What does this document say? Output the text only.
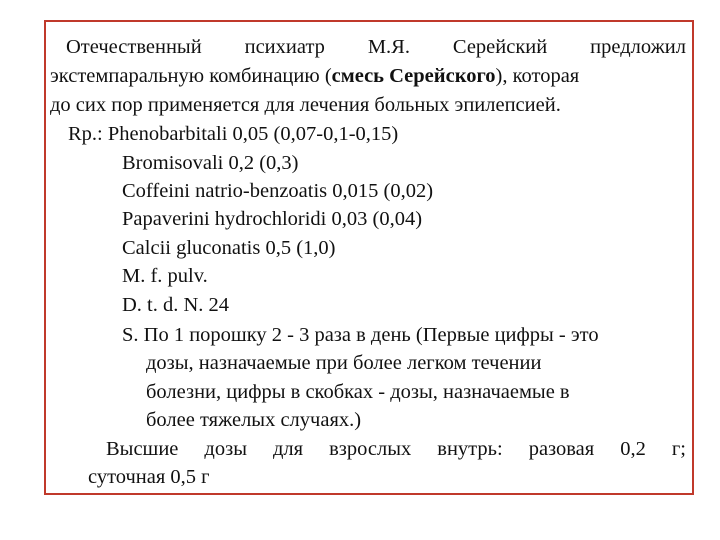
Отечественный психиатр М.Я. Серейский предложил
экстемпаральную комбинацию (смесь Серейского), которая
до сих пор применяется для лечения больных эпилепсией.
Rp.: Phenobarbitali 0,05 (0,07-0,1-0,15)
Bromisovali 0,2 (0,3)
Coffeini natrio-benzoatis 0,015 (0,02)
Papaverini hydrochloridi 0,03 (0,04)
Calcii gluconatis 0,5 (1,0)
M. f. pulv.
D. t. d. N. 24
S. По 1 порошку 2 - 3 раза в день (Первые цифры - это
дозы, назначаемые при более легком течении
болезни, цифры в скобках - дозы, назначаемые в
более тяжелых случаях.)
Высшие дозы для взрослых внутрь: разовая 0,2 г;
суточная 0,5 г
